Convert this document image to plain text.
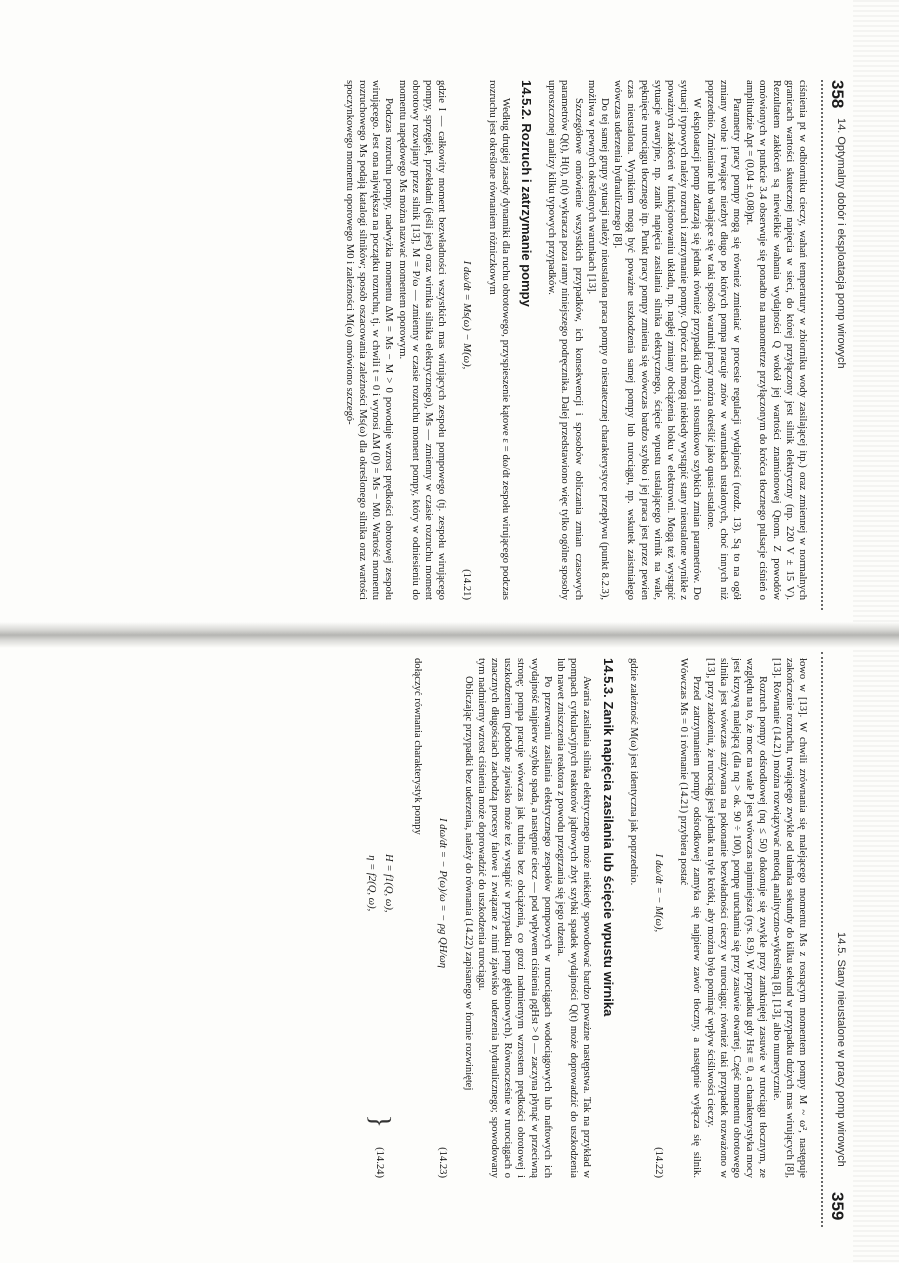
358
14. Optymalny dobór i eksploatacja pomp wirowych

ciśnienia pt w odbiorniku cieczy, wahań temperatury w zbiorniku wody zasilającej itp.) oraz zmiennej w normalnych granicach wartości skutecznej napięcia w sieci, do której przyłączony jest silnik elektryczny (np. 220 V ± 15 V). Rezultatem zakłóceń są niewielkie wahania wydajności Q wokół jej wartości znamionowej Qnom. Z powodów omówionych w punkcie 3.4 obserwuje się ponadto na manometrze przyłączonym do króćca tłocznego pulsacje ciśnień o amplitudzie Δpt = (0,04 ± 0,08)pt.

Parametry pracy pompy mogą się również zmieniać w procesie regulacji wydajności (rozdz. 13). Są to na ogół zmiany wolne i trwające niezbyt długo po których pompa pracuje znów w warunkach ustalonych, choć innych niż poprzednio. Zmieniane lub wahające się w taki sposób warunki pracy można określić jako quasi-ustalone.

W eksploatacji pomp zdarzają się jednak również przypadki dużych i stosunkowo szybkich zmian parametrów. Do sytuacji typowych należy rozruch i zatrzymanie pompy. Oprócz nich mogą niekiedy wystąpić stany nieustalone wynikłe z poważnych zakłóceń w funkcjonowaniu układu, np. nagłej zmiany obciążenia bloku w elektrowni. Mogą też wystąpić sytuacje awaryjne, np. zanik napięcia zasilania silnika elektrycznego, ścięcie wpustu ustalającego wirnik na wale, pęknięcie rurociągu tłocznego itp. Punkt pracy pompy zmienia się wówczas bardzo szybko i jej praca jest przez pewien czas nieustalona. Wynikiem mogą być poważne uszkodzenia samej pompy lub rurociągu, np. wskutek zaistniałego wówczas uderzenia hydraulicznego [8].

Do tej samej grupy sytuacji należy nieustalona praca pompy o niestatecznej charakterystyce przepływu (punkt 8.2.3), możliwa w pewnych określonych warunkach [13].

Szczegółowe omówienie wszystkich przypadków, ich konsekwencji i sposobów obliczania zmian czasowych parametrów Q(t), H(t), n(t) wykracza poza ramy niniejszego podręcznika. Dalej przedstawiono więc tylko ogólne sposoby uproszczonej analizy kilku typowych przypadków.

14.5.2. Rozruch i zatrzymanie pompy

Według drugiej zasady dynamiki dla ruchu obrotowego, przyspieszenie kątowe ε = dω/dt zespołu wirującego podczas rozruchu jest określone równaniem różniczkowym

I dω/dt = Ms(ω) − M(ω),
(14.21)

gdzie I — całkowity moment bezwładności wszystkich mas wirujących zespołu pompowego (tj. zespołu wirującego pompy, sprzęgieł, przekładni (jeśli jest) oraz wirnika silnika elektrycznego), Ms — zmienny w czasie rozruchu moment obrotowy rozwijany przez silnik [13], M = P/ω — zmienny w czasie rozruchu moment pompy, który w odniesieniu do momentu napędowego Ms można nazwać momentem oporowym.

Podczas rozruchu pompy, nadwyżka momentu ΔM = Ms − M > 0 powoduje wzrost prędkości obrotowej zespołu wirującego. Jest ona największa na początku rozruchu, tj. w chwili t = 0 i wynosi ΔM (0) = Ms − M0. Wartość momentu rozruchowego Ms podają katalogi silników; sposób oszacowania zależności Ms(ω) dla określonego silnika oraz wartości spoczynkowego momentu oporowego M0 i zależności M(ω) omówiono szczegó-

14.5. Stany nieustalone w pracy pomp wirowych
359

łowo w [13]. W chwili zrównania się malejącego momentu Ms z rosnącym momentem pompy M ~ ω², następuje zakończenie rozruchu, trwającego zwykle od ułamka sekundy do kilku sekund w przypadku dużych mas wirujących [8], [13]. Równanie (14.21) można rozwiązywać metodą analityczno-wykreślną [8], [13], albo numerycznie.

Rozruch pompy odśrodkowej (nq ≤ 50) dokonuje się zwykle przy zamkniętej zasuwie w rurociągu tłocznym, ze względu na to, że moc na wale P jest wówczas najmniejsza (rys. 8.9). W przypadku gdy Hst ≡ 0, a charakterystyka mocy jest krzywą malejącą (dla nq > ok. 90 ÷ 100), pompę uruchamia się przy zasuwie otwartej. Część momentu obrotowego silnika jest wówczas zużywana na pokonanie bezwładności cieczy w rurociągu; również taki przypadek rozważono w [13], przy założeniu, że rurociąg jest jednak na tyle krótki, aby można było pominąć wpływ ściśliwości cieczy.

Przed zatrzymaniem pompy odśrodkowej zamyka się najpierw zawór tłoczny, a następnie wyłącza się silnik. Wówczas Ms = 0 i równanie (14.21) przybiera postać

I dω/dt = − M(ω),
(14.22)

gdzie zależność M(ω) jest identyczna jak poprzednio.

14.5.3. Zanik napięcia zasilania lub ścięcie wpustu wirnika

Awaria zasilania silnika elektrycznego może niekiedy spowodować bardzo poważne następstwa. Tak na przykład w pompach cyrkulacyjnych reaktorów jądrowych zbyt szybki spadek wydajności Q(t) może doprowadzić do uszkodzenia lub nawet zniszczenia reaktora z powodu przegrzania się jego rdzenia.

Po przerwaniu zasilania elektrycznego zespołów pompowych w rurociągach wodociągowych lub naftowych ich wydajność najpierw szybko spada, a następnie ciecz — pod wpływem ciśnienia ρgHst > 0 — zaczyna płynąć w przeciwną stronę; pompa pracuje wówczas jak turbina bez obciążenia, co grozi nadmiernym wzrostem prędkości obrotowej i uszkodzeniem (podobne zjawisko może też wystąpić w przypadku pomp głębinowych). Równocześnie w rurociągach o znacznych długościach zachodzą procesy falowe i związane z nimi zjawisko uderzenia hydraulicznego; spowodowany tym nadmierny wzrost ciśnienia może doprowadzić do uszkodzenia rurociągu.

Obliczając przypadki bez uderzenia, należy do równania (14.22) zapisanego w formie rozwiniętej

I dω/dt = − P(ω)/ω = − ρg QH/ωη
(14.23)

dołączyć równania charakterystyk pompy

H = f1(Q, ω),
η = f2(Q, ω),
}
(14.24)
